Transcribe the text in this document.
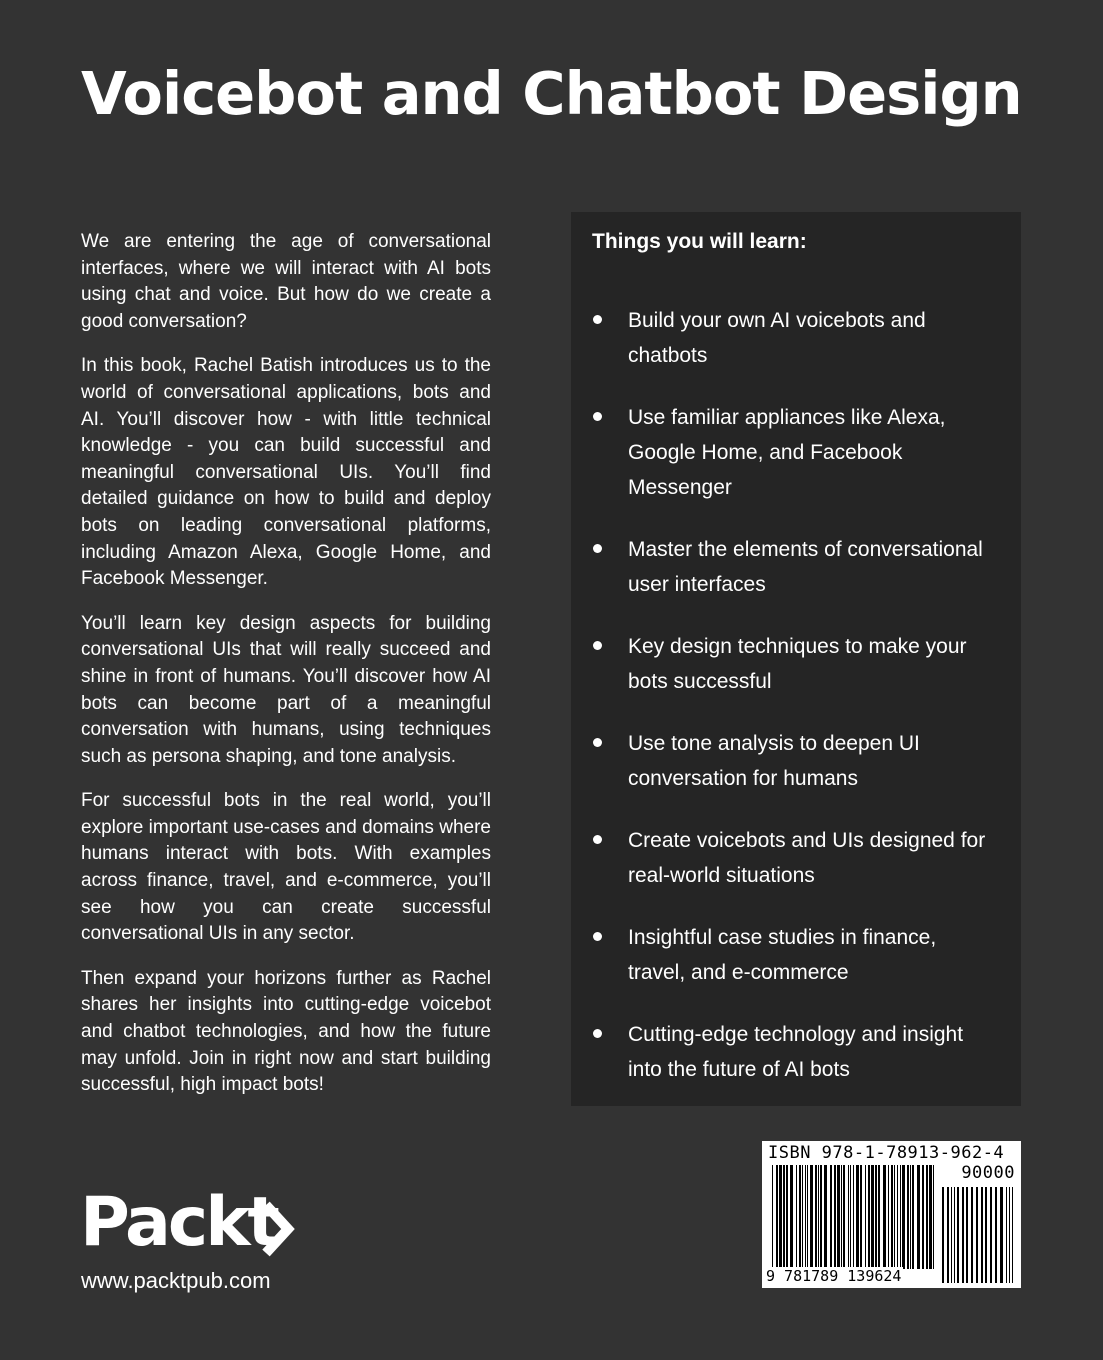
Voicebot and Chatbot Design

We are entering the age of conversational interfaces, where we will interact with AI bots using chat and voice. But how do we create a good conversation?

In this book, Rachel Batish introduces us to the world of conversational applications, bots and AI. You’ll discover how - with little technical knowledge - you can build successful and meaningful conversational UIs. You’ll find detailed guidance on how to build and deploy bots on leading conversational platforms, including Amazon Alexa, Google Home, and Facebook Messenger.

You’ll learn key design aspects for building conversational UIs that will really succeed and shine in front of humans. You’ll discover how AI bots can become part of a meaningful conversation with humans, using techniques such as persona shaping, and tone analysis.

For successful bots in the real world, you’ll explore important use-cases and domains where humans interact with bots. With examples across finance, travel, and e-commerce, you’ll see how you can create successful conversational UIs in any sector.

Then expand your horizons further as Rachel shares her insights into cutting-edge voicebot and chatbot technologies, and how the future may unfold. Join in right now and start building successful, high impact bots!

Things you will learn:
Build your own AI voicebots and chatbots
Use familiar appliances like Alexa, Google Home, and Facebook Messenger
Master the elements of conversational user interfaces
Key design techniques to make your bots successful
Use tone analysis to deepen UI conversation for humans
Create voicebots and UIs designed for real-world situations
Insightful case studies in finance, travel, and e-commerce
Cutting-edge technology and insight into the future of AI bots
Packt
www.packtpub.com
ISBN 978-1-78913-962-4
90000
9 781789 139624
